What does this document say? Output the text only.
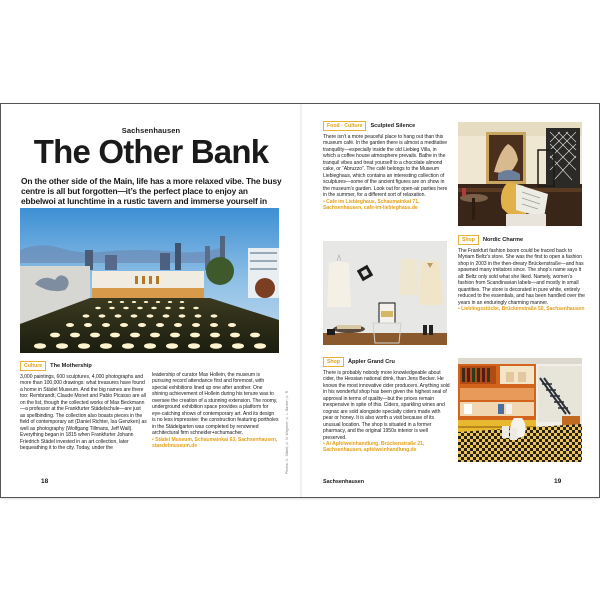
Sachsenhausen
The Other Bank

On the other side of the Main, life has a more relaxed vibe. The busy centre is all but forgotten—it’s the perfect place to enjoy an ebbelwoi at lunchtime in a rustic tavern and immerse yourself in

Culture	The Mothership

3,000 paintings, 600 sculptures, 4,000 photographs and more than 100,000 drawings: what treasures have found a home in Städel Museum. And the big names are there too: Rembrandt, Claude Monet and Pablo Picasso are all on the list, though the collected works of Max Beckmann—a professor at the Frankfurter Städelschule—are just as spellbinding. The collection also boasts pieces in the field of contemporary art (Daniel Richter, Isa Genzken) as well as photography (Wolfgang Tillmans, Jeff Wall). Everything began in 1815 when Frankfurter Johann Friedrich Städel invested in an art collection, later bequeathing it to the city. Today, under the

leadership of curator Max Hollein, the museum is pursuing record attendance first and foremost, with special exhibitions lined up one after another. One shining achievement of Hollein during his tenure was to oversee the creation of a stunning extension. The roomy, underground exhibition space provides a platform for eye-catching shows of contemporary art. And its design is no less impressive: the construction featuring portholes in the Städelgarten was completed by renowned architectural firm schneider+schumacher.

• Städel Museum, Schaumainkai 63, Sachsenhausen, staedelmuseum.de	Photos: © Städel; © N. Wegener; © L. Backer; © R
18
Food · Culture	Sculpted Silence

There isn’t a more peaceful place to hang out than this museum café. In the garden there is almost a meditative tranquility—especially inside the old Liebieg Villa, in which a coffee house atmosphere prevails. Bathe in the tranquil vibes and treat yourself to a chocolate almond cake, or “Abruzzo”. The café belongs to the Museum Liebieghaus, which contains an interesting collection of sculptures—some of the ancient figures are on show in the museum’s garden. Look out for open-air parties here in the summer, for a different sort of relaxation.

• Cafe im Liebieghaus, Schaumainkai 71, Sachsenhausen, cafe-im-liebieghaus.de

Shop	Nordic Charme

The Frankfurt fashion boom could be traced back to Myriam Beltz’s store. She was the first to open a fashion shop in 2003 in the then-dreary Brückenstraße—and has spawned many imitators since. The shop’s name says it all: Beltz only sold what she liked. Namely, women’s fashion from Scandinavian labels—and mostly in small quantities. The store is decorated in pure white, entirely reduced to the essentials, and has been handled over the years in an enduringly charming manner.

• Lieblingsstücke, Brückenstraße 50, Sachsenhausen

Shop	Äppler Grand Cru

There is probably nobody more knowledgeable about cider, the Hessian national drink, than Jens Becker. He knows the most innovative cider producers. Anything sold in his wonderful shop has been given the highest seal of approval in terms of quality—but the prices remain inexpensive in spite of this. Ciders, sparkling wines and cognac are sold alongside specialty ciders made with pear or honey. It is also worth a visit because of its unusual location. The shop is situated in a former pharmacy, and the original 1950s interior is well preserved.

• Ai Apfelweinhandlung, Brückenstraße 21, Sachsenhausen, apfelweinhandlung.de

Sachsenhausen	19
